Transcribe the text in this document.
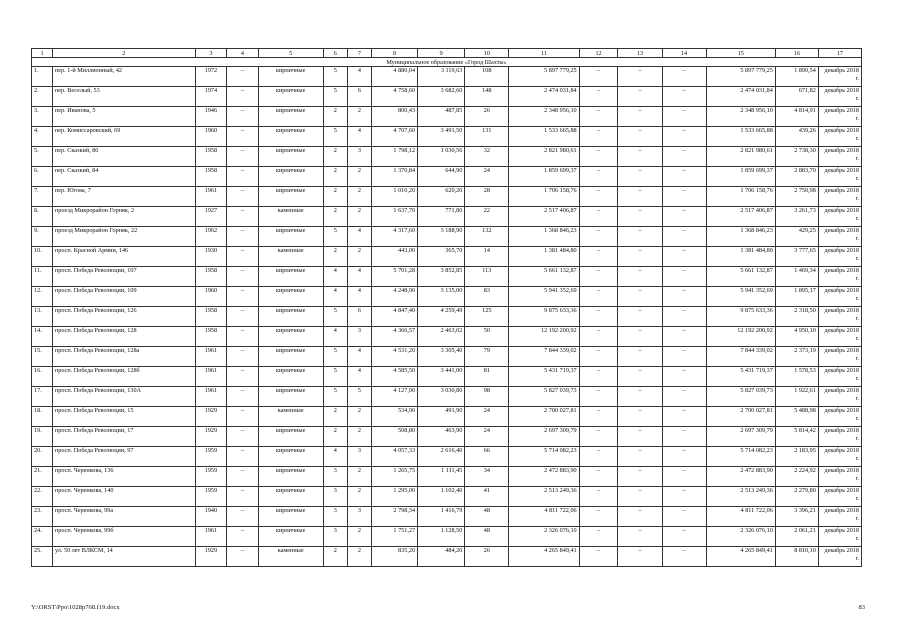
1	2	3	4	5	6	7	8	9	10	11	12	13	14	15	16	17
Муниципальное образование «Город Шахты»																
1.	пер. 1-й Миллионный, 42	1972	–	кирпичные	5	4	4 880,04	3 119,63	108	5 897 779,25	–	–	–	5 897 779,25	1 890,54	декабрь 2018 г.
2.	пер. Веселый, 53	1974	–	кирпичные	5	6	4 758,60	3 682,60	148	2 474 031,84	–	–	–	2 474 031,84	671,82	декабрь 2018 г.
3.	пер. Иванова, 5	1946	–	кирпичные	2	2	800,43	487,85	26	2 348 956,10	–	–	–	2 348 956,10	4 814,91	декабрь 2018 г.
4.	пер. Комиссаровский, 69	1960	–	кирпичные	5	4	4 707,60	3 491,50	131	1 533 665,88	–	–	–	1 533 665,88	439,26	декабрь 2018 г.
5.	пер. Сказкий, 80	1958	–	кирпичные	2	3	1 798,12	1 030,56	32	2 821 980,61	–	–	–	2 821 980,61	2 738,30	декабрь 2018 г.
6.	пер. Сказкий, 84	1958	–	кирпичные	2	2	1 370,84	644,90	24	1 859 699,37	–	–	–	1 859 699,37	2 883,70	декабрь 2018 г.
7.	пер. Югова, 7	1961	–	кирпичные	2	2	1 010,20	620,20	28	1 706 158,76	–	–	–	1 706 158,76	2 750,98	декабрь 2018 г.
8.	проезд Микрорайон Горняк, 2	1927	–	каменные	2	2	1 637,70	771,80	22	2 517 406,87	–	–	–	2 517 406,87	3 261,73	декабрь 2018 г.
9.	проезд Микрорайон Горняк, 22	1962	–	кирпичные	5	4	4 317,60	3 188,90	132	1 368 846,23	–	–	–	1 368 846,23	429,25	декабрь 2018 г.
10.	просп. Красной Армии, 146	1930	–	каменные	2	2	443,00	365,70	14	1 381 484,80	–	–	–	1 381 484,80	3 777,65	декабрь 2018 г.
11.	просп. Победа Революции, 107	1958	–	кирпичные	4	4	5 701,28	3 852,85	113	5 661 132,87	–	–	–	5 661 132,87	1 469,34	декабрь 2018 г.
12.	просп. Победа Революции, 109	1960	–	кирпичные	4	4	4 248,90	3 135,00	83	5 941 352,69	–	–	–	5 941 352,69	1 895,17	декабрь 2018 г.
13.	просп. Победа Революции, 126	1958	–	кирпичные	5	6	4 847,40	4 259,49	125	9 875 633,36	–	–	–	9 875 633,36	2 318,50	декабрь 2018 г.
14.	просп. Победа Революции, 128	1958	–	кирпичные	4	3	4 366,57	2 463,02	50	12 192 200,92	–	–	–	12 192 200,92	4 950,10	декабрь 2018 г.
15.	просп. Победа Революции, 128а	1961	–	кирпичные	5	4	4 531,20	3 305,40	79	7 844 339,02	–	–	–	7 844 339,02	2 373,19	декабрь 2018 г.
16.	просп. Победа Революции, 128б	1961	–	кирпичные	5	4	4 585,50	3 441,00	81	5 431 719,37	–	–	–	5 431 719,37	1 578,53	декабрь 2018 г.
17.	просп. Победа Революции, 130А	1961	–	кирпичные	5	5	4 127,90	3 030,80	98	5 827 039,73	–	–	–	5 827 039,73	1 922,61	декабрь 2018 г.
18.	просп. Победа Революции, 15	1929	–	каменные	2	2	534,90	491,90	24	2 700 027,81	–	–	–	2 700 027,81	5 488,98	декабрь 2018 г.
19.	просп. Победа Революции, 17	1929	–	кирпичные	2	2	508,80	463,90	24	2 697 309,79	–	–	–	2 697 309,79	5 814,42	декабрь 2018 г.
20.	просп. Победа Революции, 97	1959	–	кирпичные	4	3	4 057,33	2 616,40	66	5 714 082,23	–	–	–	5 714 082,23	2 183,95	декабрь 2018 г.
21.	просп. Черенкова, 136	1959	–	кирпичные	3	2	1 265,75	1 111,45	34	2 472 883,90	–	–	–	2 472 883,90	2 224,92	декабрь 2018 г.
22.	просп. Черенкова, 140	1959	–	кирпичные	3	2	1 295,00	1 102,40	41	2 513 249,36	–	–	–	2 513 249,36	2 279,80	декабрь 2018 г.
23.	просп. Черенкова, 99а	1940	–	кирпичные	3	3	2 798,34	1 416,79	48	4 811 722,06	–	–	–	4 811 722,06	3 396,21	декабрь 2018 г.
24.	просп. Черенкова, 99б	1961	–	кирпичные	3	2	1 751,27	1 128,50	48	2 326 076,10	–	–	–	2 326 076,10	2 061,21	декабрь 2018 г.
25.	ул. 50 лет ВЛКСМ, 14	1929	–	каменные	2	2	835,20	484,20	26	4 265 849,41	–	–	–	4 265 849,41	8 810,10	декабрь 2018 г.
Y:\ORST\Ppo\1028p768.f19.docx	83
